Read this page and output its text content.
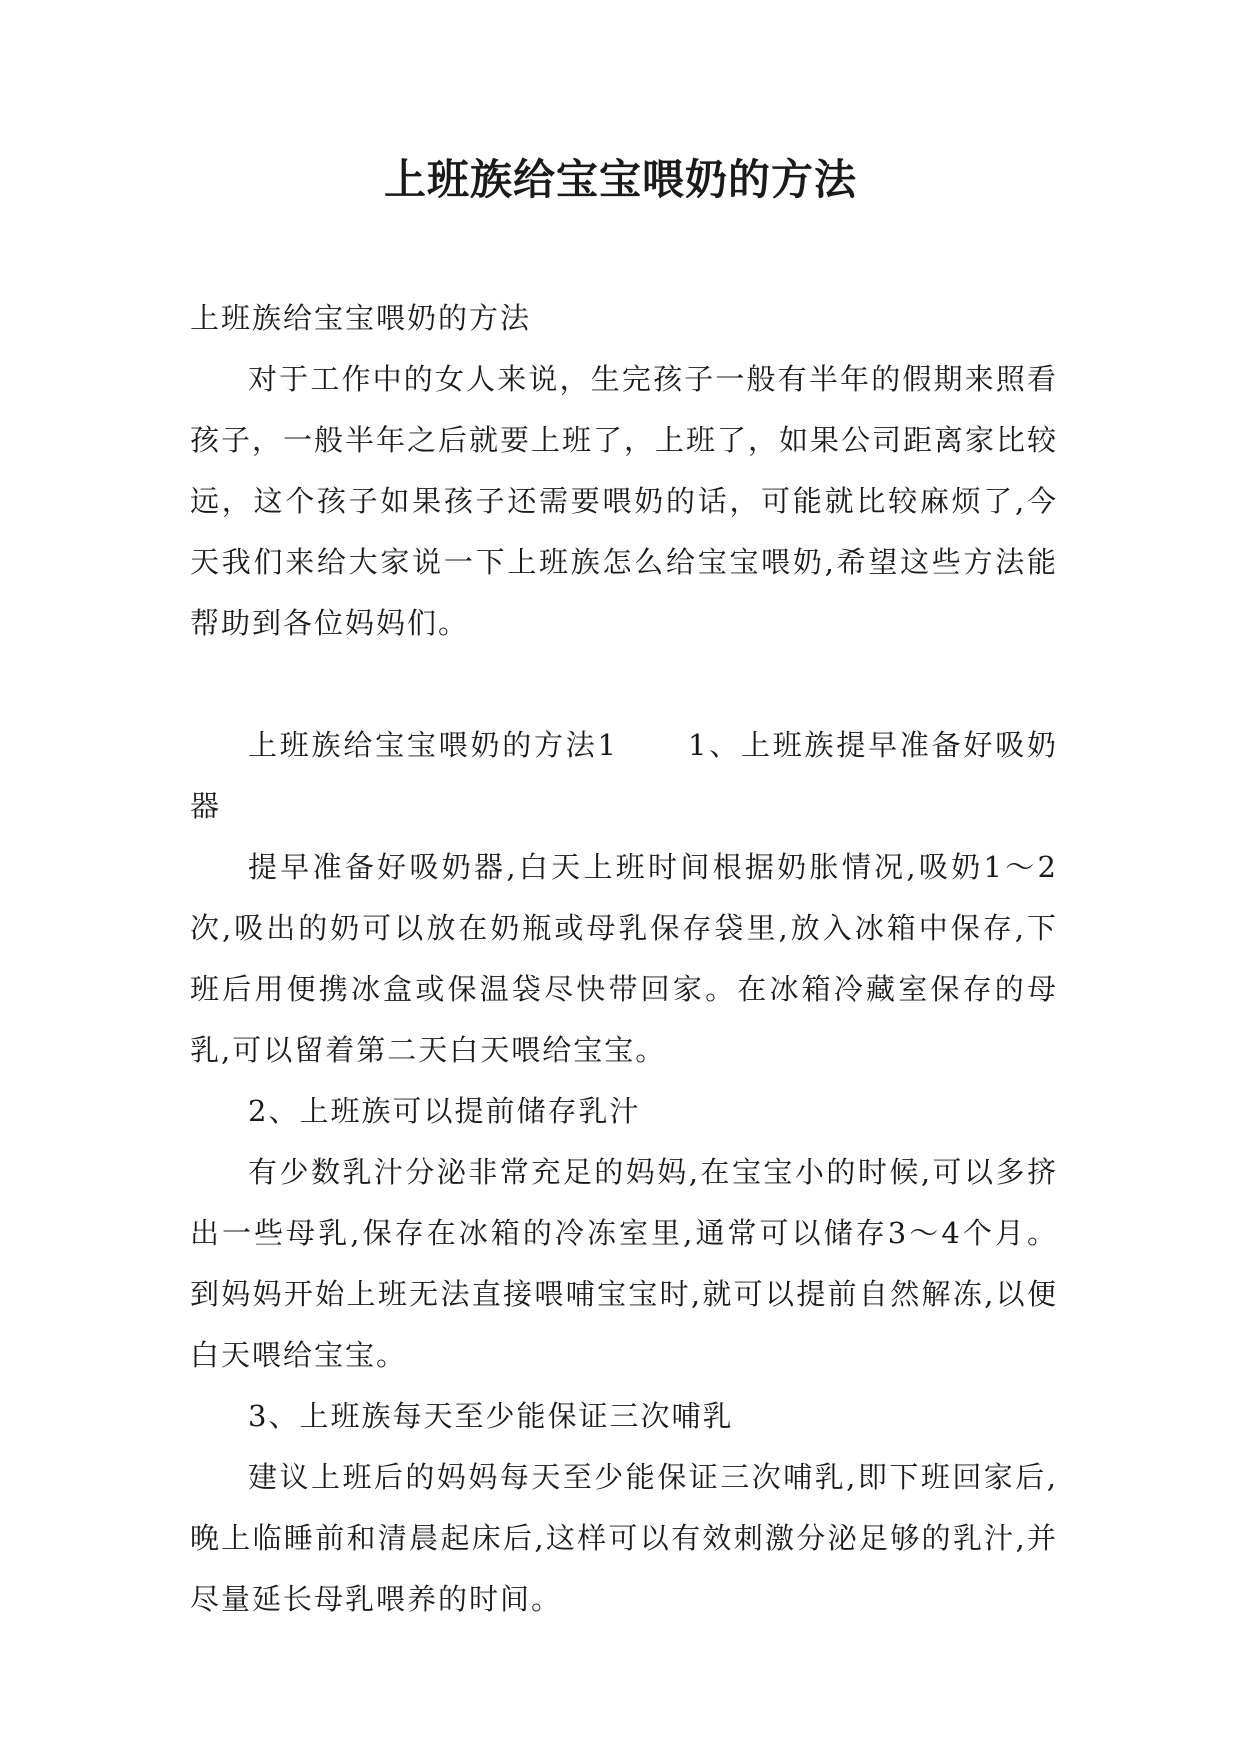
上班族给宝宝喂奶的方法

上班族给宝宝喂奶的方法

对于工作中的女人来说，生完孩子一般有半年的假期来照看孩子，一般半年之后就要上班了，上班了，如果公司距离家比较远，这个孩子如果孩子还需要喂奶的话，可能就比较麻烦了,今天我们来给大家说一下上班族怎么给宝宝喂奶,希望这些方法能帮助到各位妈妈们。

上班族给宝宝喂奶的方法1 1、上班族提早准备好吸奶器

提早准备好吸奶器,白天上班时间根据奶胀情况,吸奶1～2次,吸出的奶可以放在奶瓶或母乳保存袋里,放入冰箱中保存,下班后用便携冰盒或保温袋尽快带回家。在冰箱冷藏室保存的母乳,可以留着第二天白天喂给宝宝。

2、上班族可以提前储存乳汁

有少数乳汁分泌非常充足的妈妈,在宝宝小的时候,可以多挤出一些母乳,保存在冰箱的冷冻室里,通常可以储存3～4个月。到妈妈开始上班无法直接喂哺宝宝时,就可以提前自然解冻,以便白天喂给宝宝。

3、上班族每天至少能保证三次哺乳

建议上班后的妈妈每天至少能保证三次哺乳,即下班回家后,晚上临睡前和清晨起床后,这样可以有效刺激分泌足够的乳汁,并尽量延长母乳喂养的时间。
